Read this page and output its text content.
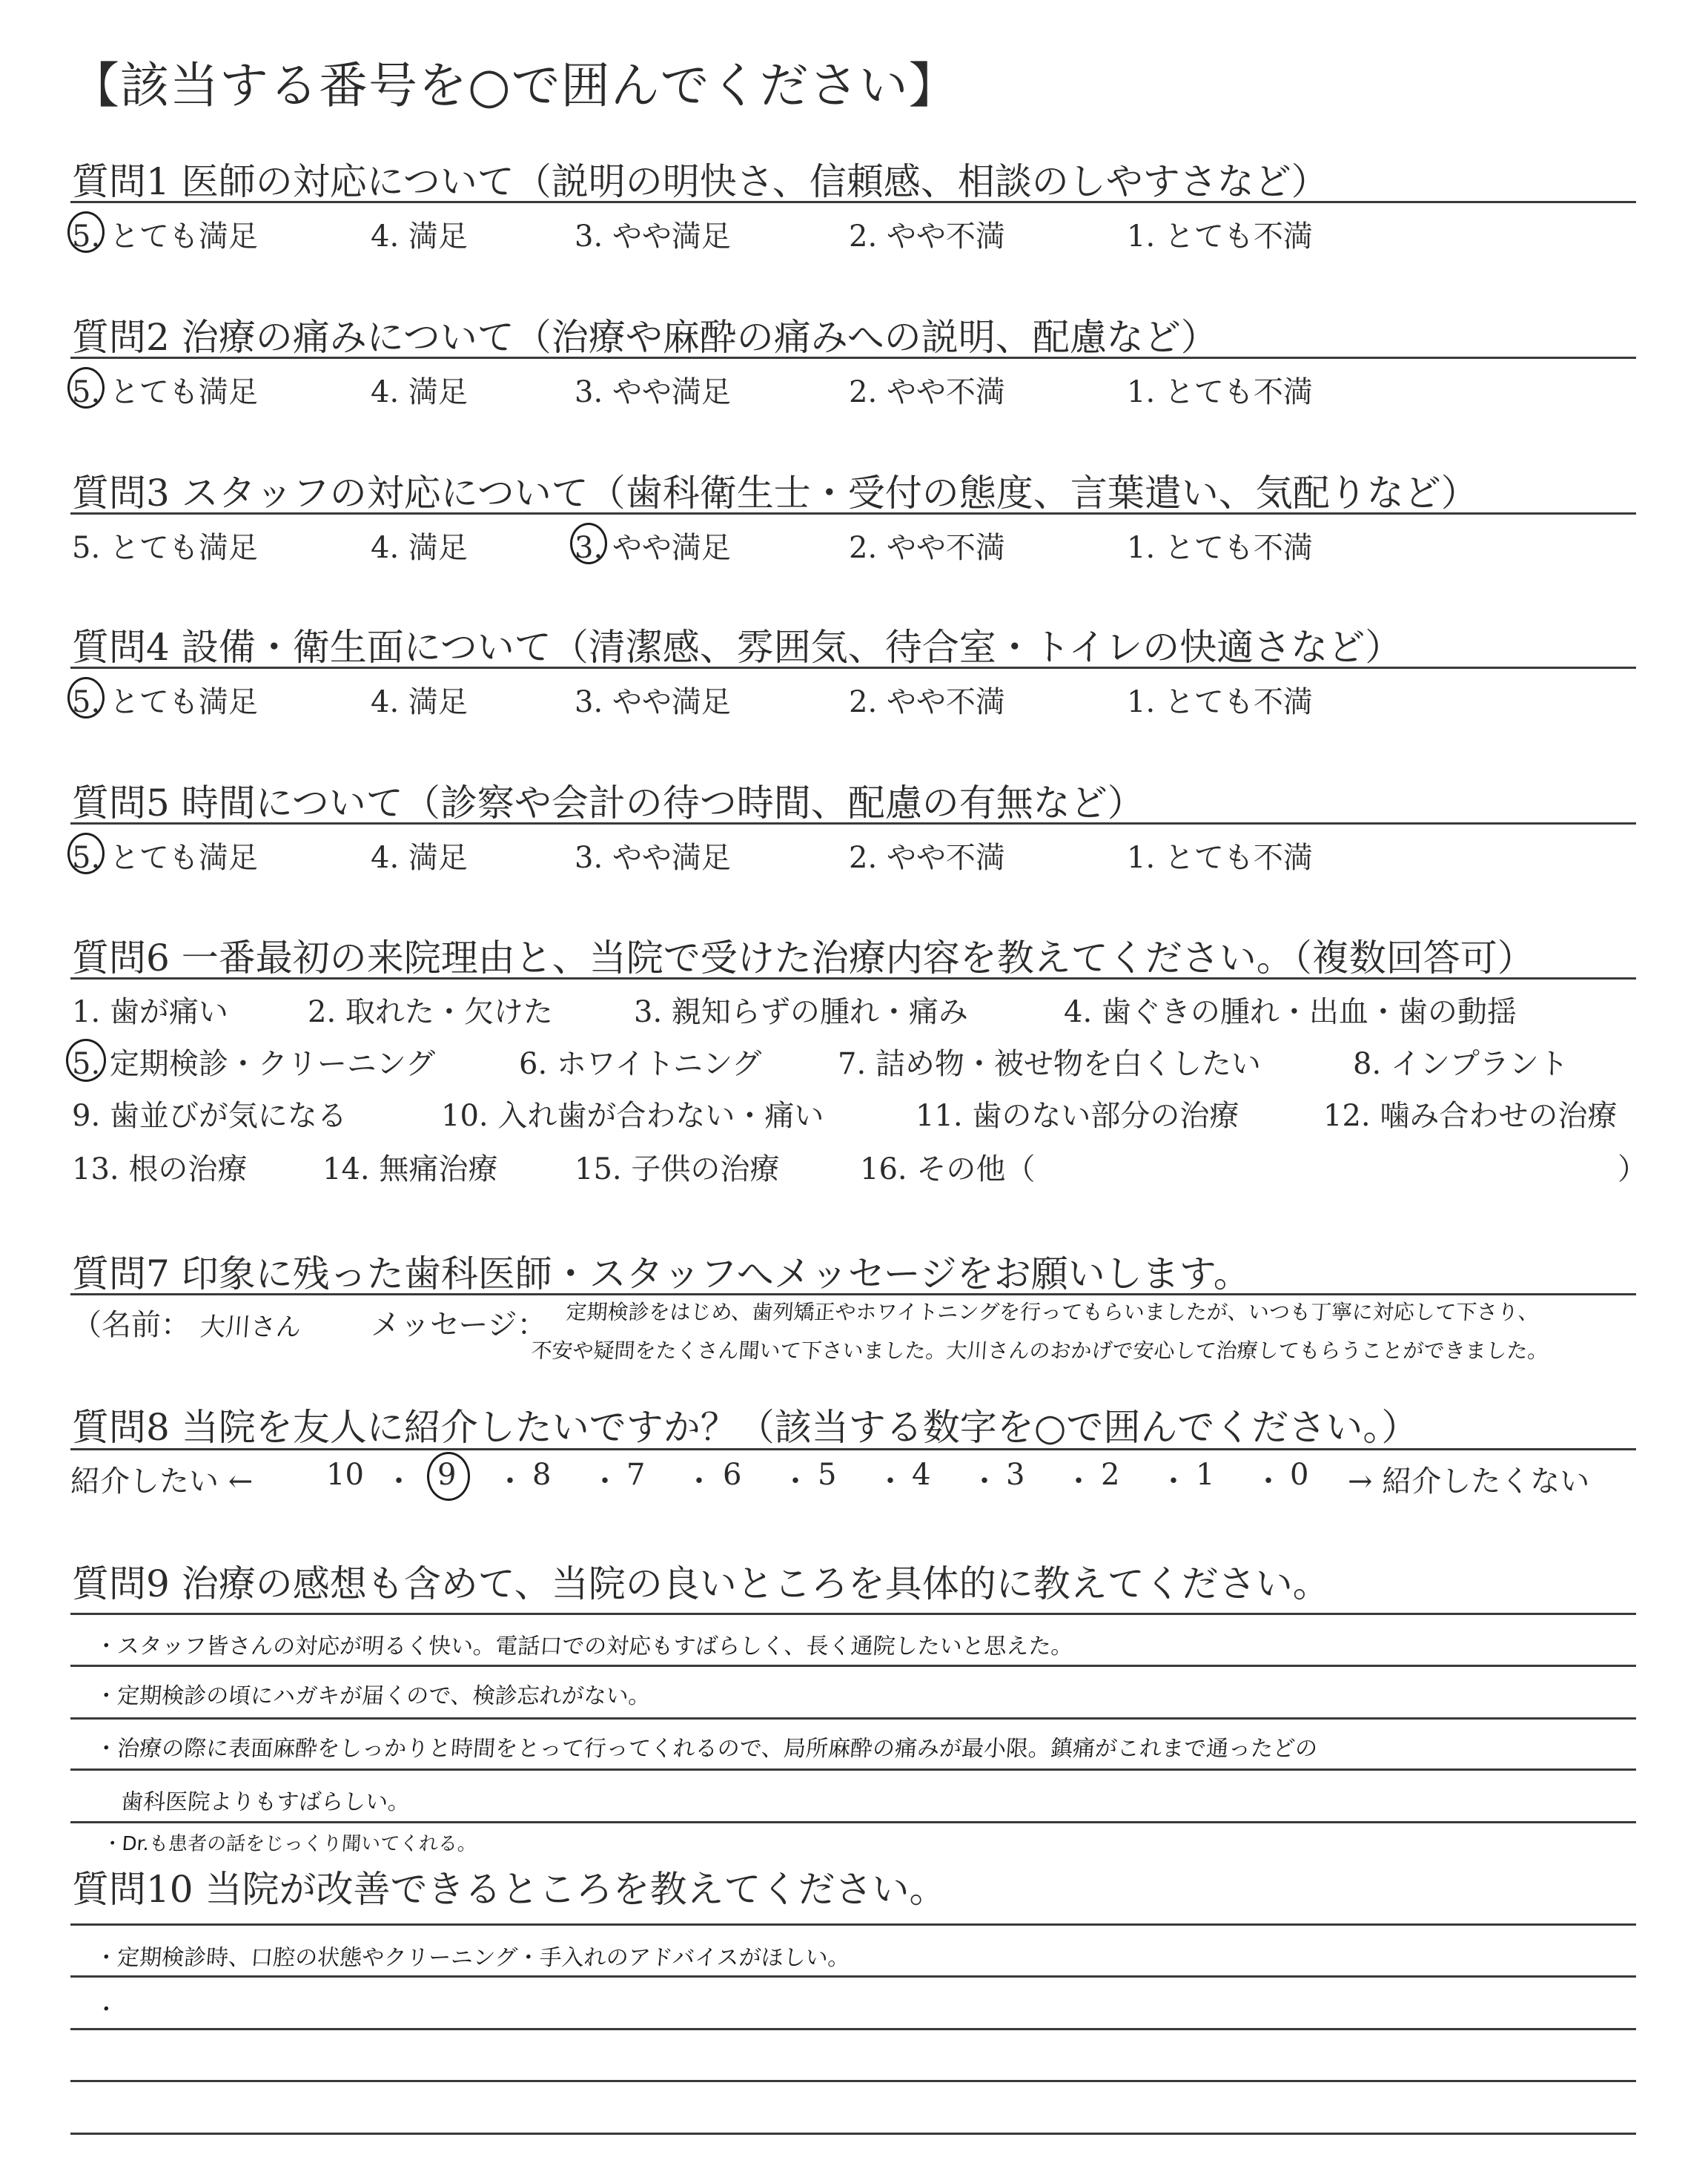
【該当する番号を○で囲んでください】
質問1 医師の対応について（説明の明快さ、信頼感、相談のしやすさなど）
5. とても満足	4. 満足	3. やや満足	2. やや不満	1. とても不満
質問2 治療の痛みについて（治療や麻酔の痛みへの説明、配慮など）
5. とても満足	4. 満足	3. やや満足	2. やや不満	1. とても不満
質問3 スタッフの対応について（歯科衛生士・受付の態度、言葉遣い、気配りなど）
5. とても満足	4. 満足	3. やや満足	2. やや不満	1. とても不満
質問4 設備・衛生面について（清潔感、雰囲気、待合室・トイレの快適さなど）
5. とても満足	4. 満足	3. やや満足	2. やや不満	1. とても不満
質問5 時間について（診察や会計の待つ時間、配慮の有無など）
5. とても満足	4. 満足	3. やや満足	2. やや不満	1. とても不満
質問6 一番最初の来院理由と、当院で受けた治療内容を教えてください。（複数回答可）
1. 歯が痛い	2. 取れた・欠けた	3. 親知らずの腫れ・痛み	4. 歯ぐきの腫れ・出血・歯の動揺
5. 定期検診・クリーニング	6. ホワイトニング	7. 詰め物・被せ物を白くしたい	8. インプラント
9. 歯並びが気になる	10. 入れ歯が合わない・痛い	11. 歯のない部分の治療	12. 噛み合わせの治療
13. 根の治療	14. 無痛治療	15. 子供の治療	16. その他（	）
質問7 印象に残った歯科医師・スタッフへメッセージをお願いします。
（名前： 大川さん メッセージ： 定期検診をはじめ、歯列矯正やホワイトニングを行ってもらいましたが、いつも丁寧に対応して下さり、
不安や疑問をたくさん聞いて下さいました。大川さんのおかげで安心して治療してもらうことができました。
質問8 当院を友人に紹介したいですか？（該当する数字を○で囲んでください。）
紹介したい ←	→ 紹介したくない
10 ・ 9 ・ 8 ・ 7 ・ 6 ・ 5 ・ 4 ・ 3 ・ 2 ・ 1 ・ 0
質問9 治療の感想も含めて、当院の良いところを具体的に教えてください。
・スタッフ皆さんの対応が明るく快い。電話口での対応もすばらしく、長く通院したいと思えた。
・定期検診の頃にハガキが届くので、検診忘れがない。
・治療の際に表面麻酔をしっかりと時間をとって行ってくれるので、局所麻酔の痛みが最小限。鎮痛がこれまで通ったどの
歯科医院よりもすばらしい。
・Dr.も患者の話をじっくり聞いてくれる。
質問10 当院が改善できるところを教えてください。
・定期検診時、口腔の状態やクリーニング・手入れのアドバイスがほしい。
・
